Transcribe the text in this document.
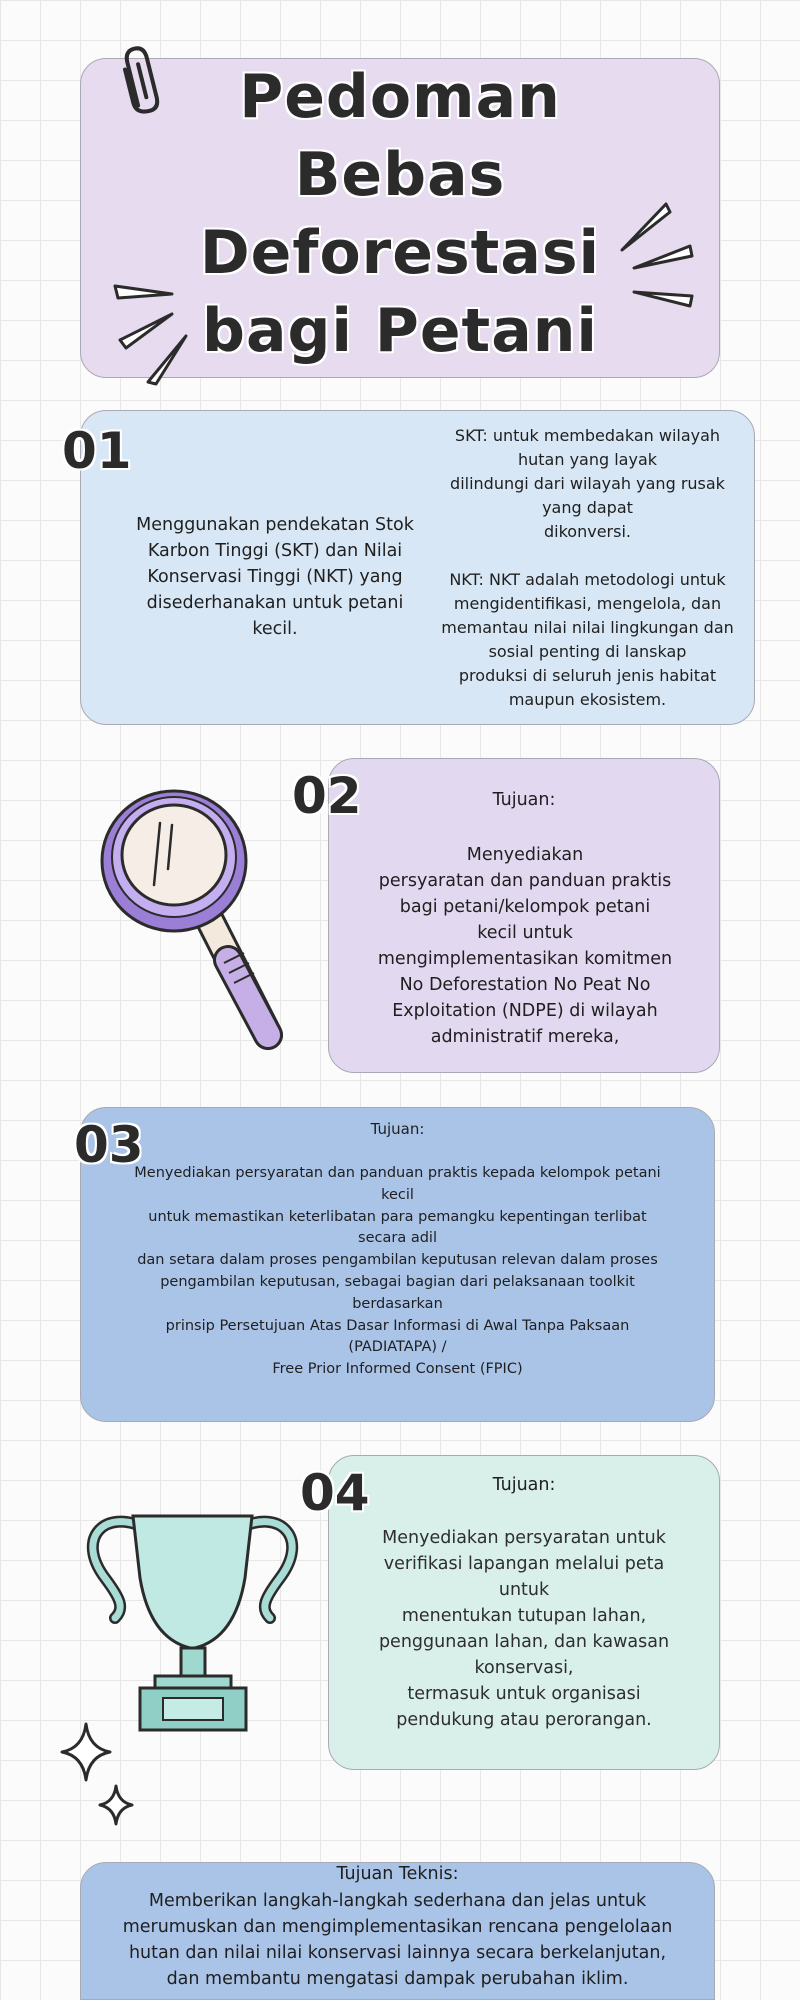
Pedoman
Bebas
Deforestasi
bagi Petani
01
Menggunakan pendekatan Stok
Karbon Tinggi (SKT) dan Nilai
Konservasi Tinggi (NKT) yang
disederhanakan untuk petani
kecil.
SKT: untuk membedakan wilayah
hutan yang layak
dilindungi dari wilayah yang rusak
yang dapat
dikonversi.
NKT: NKT adalah metodologi untuk
mengidentifikasi, mengelola, dan
memantau nilai nilai lingkungan dan
sosial penting di lanskap
produksi di seluruh jenis habitat
maupun ekosistem.
02	Tujuan:
Menyediakan
persyaratan dan panduan praktis
bagi petani/kelompok petani
kecil untuk
mengimplementasikan komitmen
No Deforestation No Peat No
Exploitation (NDPE) di wilayah
administratif mereka,
03	Tujuan:
Menyediakan persyaratan dan panduan praktis kepada kelompok petani
kecil
untuk memastikan keterlibatan para pemangku kepentingan terlibat
secara adil
dan setara dalam proses pengambilan keputusan relevan dalam proses
pengambilan keputusan, sebagai bagian dari pelaksanaan toolkit
berdasarkan
prinsip Persetujuan Atas Dasar Informasi di Awal Tanpa Paksaan
(PADIATAPA) /
Free Prior Informed Consent (FPIC)
04	Tujuan:
Menyediakan persyaratan untuk
verifikasi lapangan melalui peta
untuk
menentukan tutupan lahan,
penggunaan lahan, dan kawasan
konservasi,
termasuk untuk organisasi
pendukung atau perorangan.
Tujuan Teknis:
Memberikan langkah-langkah sederhana dan jelas untuk
merumuskan dan mengimplementasikan rencana pengelolaan
hutan dan nilai nilai konservasi lainnya secara berkelanjutan,
dan membantu mengatasi dampak perubahan iklim.
